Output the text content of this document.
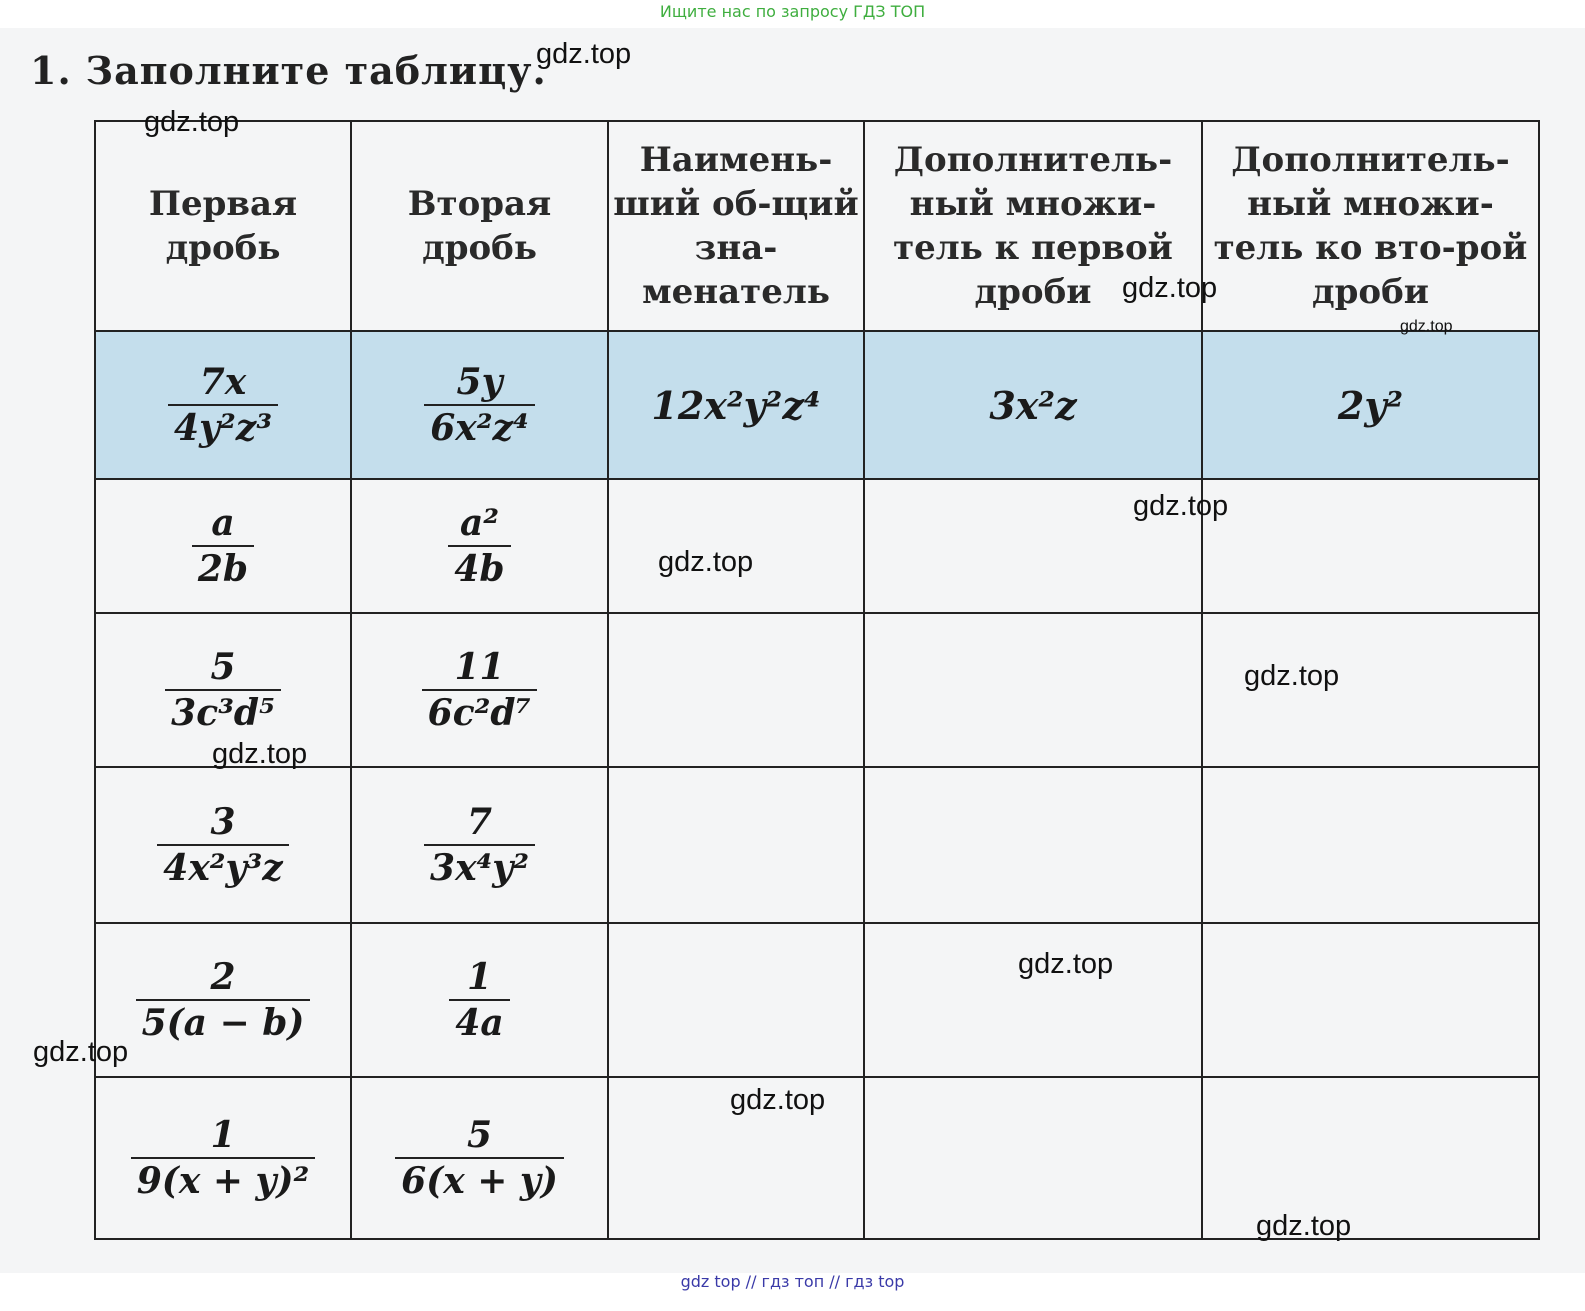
Ищите нас по запросу ГДЗ ТОП
1. Заполните таблицу.
Первая дробь	Вторая дробь	Наимень-ший об-щий зна-менатель	Дополнитель-ный множи-тель к первой дроби	Дополнитель-ный множи-тель ко вто-рой дроби

$\frac{7x}{\text{4y²z³}}$	$\frac{5y}{\text{6x²z⁴}}$	12x²y²z⁴	3x²z	2y²

$\frac{a}{2b}$	$\frac{\text{a²}}{4b}$

$\frac{5}{\text{3c³d⁵}}$	$\frac{11}{\text{6c²d⁷}}$

$\frac{3}{\text{4x²y³z}}$	$\frac{7}{\text{3x⁴y²}}$

$\frac{2}{5(a - b)}$	$\frac{1}{4a}$

$\frac{1}{\text{9(x + y)²}}$	$\frac{5}{6(x + y)}$

gdz.top
gdz.top
gdz.top
gdz.top
gdz.top
gdz.top
gdz.top
gdz.top
gdz.top
gdz.top
gdz.top
gdz.top
gdz top // гдз топ // гдз top
